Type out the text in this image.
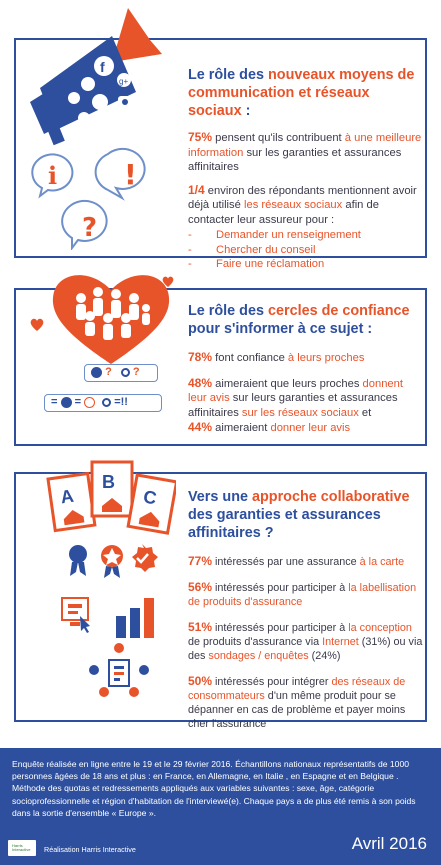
f
g+
i !
?
Le rôle des nouveaux moyens de communication et réseaux sociaux :
75% pensent qu'ils contribuent à une meilleure information sur les garanties et assurances affinitaires
1/4 environ des répondants mentionnent avoir déjà utilisé les réseaux sociaux afin de contacter leur assureur pour :
- Demander un renseignement
- Chercher du conseil
- Faire une réclamation
? ?
= =	=!!
Le rôle des cercles de confiance pour s'informer à ce sujet :
78% font confiance à leurs proches
48% aimeraient que leurs proches donnent leur avis sur leurs garanties et assurances affinitaires sur les réseaux sociaux et
44% aimeraient donner leur avis
A
B
C Vers une approche collaborative des garanties et assurances affinitaires ?
77% intéressés par une assurance à la carte
56% intéressés pour participer à la labellisation de produits d'assurance
51% intéressés pour participer à la conception de produits d'assurance via Internet (31%) ou via des sondages / enquêtes (24%)
50% intéressés pour intégrer des réseaux de consommateurs d'un même produit pour se dépanner en cas de problème et payer moins cher l'assurance
Enquête réalisée en ligne entre le 19 et le 29 février 2016. Échantillons nationaux représentatifs de 1000 personnes âgées de 18 ans et plus : en France, en Allemagne, en Italie , en Espagne et en Belgique . Méthode des quotas et redressements appliqués aux variables suivantes : sexe, âge, catégorie socioprofessionnelle et région d'habitation de l'interviewé(e). Chaque pays a de plus été remis à son poids dans la sortie d'ensemble « Europe ».
Harris Interactive	Réalisation Harris Interactive	Avril 2016
